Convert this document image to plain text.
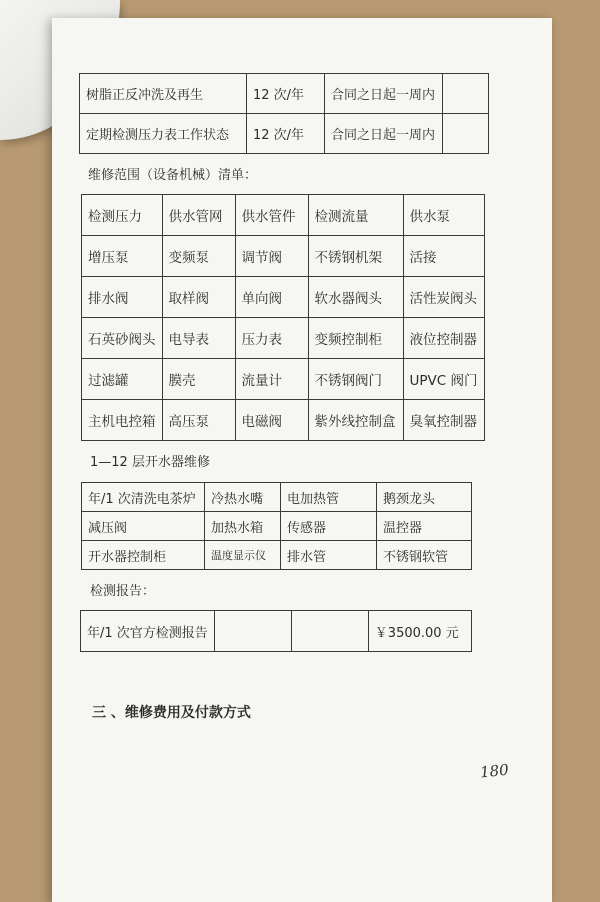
树脂正反冲洗及再生	12 次/年	合同之日起一周内	
定期检测压力表工作状态	12 次/年	合同之日起一周内	
维修范围（设备机械）清单：
检测压力	供水管网	供水管件	检测流量	供水泵
增压泵	变频泵	调节阀	不锈钢机架	活接
排水阀	取样阀	单向阀	软水器阀头	活性炭阀头
石英砂阀头	电导表	压力表	变频控制柜	液位控制器
过滤罐	膜壳	流量计	不锈钢阀门	UPVC 阀门
主机电控箱	高压泵	电磁阀	紫外线控制盒	臭氧控制器
1—12 层开水器维修
年/1 次清洗电茶炉	冷热水嘴	电加热管	鹅颈龙头
减压阀	加热水箱	传感器	温控器
开水器控制柜	温度显示仪	排水管	不锈钢软管
检测报告：
年/1 次官方检测报告			￥3500.00 元
三 、维修费用及付款方式
180
